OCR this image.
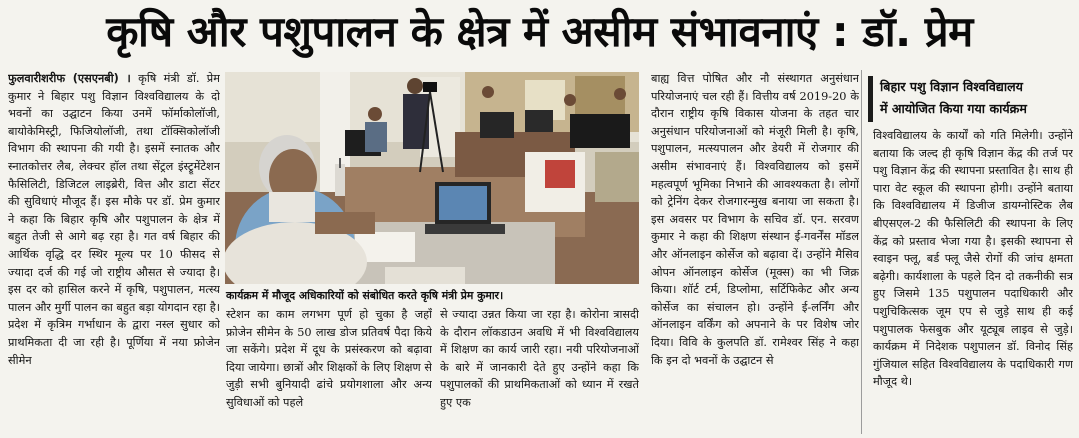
कृषि और पशुपालन के क्षेत्र में असीम संभावनाएं : डॉ. प्रेम
फुलवारीशरीफ (एसएनबी) । कृषि मंत्री डॉ. प्रेम कुमार ने बिहार पशु विज्ञान विश्वविद्यालय के दो भवनों का उद्घाटन किया उनमें फॉर्माकोलॉजी, बायोकेमिस्ट्री, फिजियोलॉजी, तथा टॉक्सिकोलॉजी विभाग की स्थापना की गयी है। इसमें स्नातक और स्नातकोत्तर लैब, लेक्चर हॉल तथा सेंट्रल इंस्ट्रूमेंटेशन फैसिलिटी, डिजिटल लाइब्रेरी, वित्त और डाटा सेंटर की सुविधाएं मौजूद हैं। इस मौके पर डॉ. प्रेम कुमार ने कहा कि बिहार कृषि और पशुपालन के क्षेत्र में बहुत तेजी से आगे बढ़ रहा है। गत वर्ष बिहार की आर्थिक वृद्धि दर स्थिर मूल्य पर 10 फीसद से ज्यादा दर्ज की गई जो राष्ट्रीय औसत से ज्यादा है। इस दर को हासिल करने में कृषि, पशुपालन, मत्स्य पालन और मुर्गी पालन का बहुत बड़ा योगदान रहा है। प्रदेश में कृत्रिम गर्भाधान के द्वारा नस्ल सुधार को प्राथमिकता दी जा रही है। पूर्णिया में नया फ्रोजेन सीमेन
कार्यक्रम में मौजूद अधिकारियों को संबोधित करते कृषि मंत्री प्रेम कुमार।
स्टेशन का काम लगभग पूर्ण हो चुका है जहाँ फ्रोजेन सीमेन के 50 लाख डोज प्रतिवर्ष पैदा किये जा सकेंगे। प्रदेश में दूध के प्रसंस्करण को बढ़ावा दिया जायेगा। छात्रों और शिक्षकों के लिए शिक्षण से जुड़ी सभी बुनियादी ढांचे प्रयोगशाला और अन्य सुविधाओं को पहले
से ज्यादा उन्नत किया जा रहा है। कोरोना त्रासदी के दौरान लॉकडाउन अवधि में भी विश्वविद्यालय में शिक्षण का कार्य जारी रहा। नयी परियोजनाओं के बारे में जानकारी देते हुए उन्होंने कहा कि पशुपालकों की प्राथमिकताओं को ध्यान में रखते हुए एक
बाह्य वित्त पोषित और नौ संस्थागत अनुसंधान परियोजनाएं चल रही हैं। वित्तीय वर्ष 2019-20 के दौरान राष्ट्रीय कृषि विकास योजना के तहत चार अनुसंधान परियोजनाओं को मंजूरी मिली है। कृषि, पशुपालन, मत्स्यपालन और डेयरी में रोजगार की असीम संभावनाएं हैं। विश्वविद्यालय को इसमें महत्वपूर्ण भूमिका निभाने की आवश्यकता है। लोगों को ट्रेनिंग देकर रोजगारन्मुख बनाया जा सकता है। इस अवसर पर विभाग के सचिव डॉ. एन. सरवण कुमार ने कहा की शिक्षण संस्थान ई-गवर्नेंस मॉडल और ऑनलाइन कोर्सेज को बढ़ावा दें। उन्होंने मैसिव ओपन ऑनलाइन कोर्सेज (मूक्स) का भी जिक्र किया। शॉर्ट टर्म, डिप्लोमा, सर्टिफिकेट और अन्य कोर्सेज का संचालन हो। उन्होंने ई-लर्निंग और ऑनलाइन वर्किंग को अपनाने के पर विशेष जोर दिया। विवि के कुलपति डॉ. रामेश्वर सिंह ने कहा कि इन दो भवनों के उद्घाटन से
बिहार पशु विज्ञान विश्वविद्यालय
में आयोजित किया गया कार्यक्रम
विश्वविद्यालय के कार्यों को गति मिलेगी। उन्होंने बताया कि जल्द ही कृषि विज्ञान केंद्र की तर्ज पर पशु विज्ञान केंद्र की स्थापना प्रस्तावित है। साथ ही पारा वेट स्कूल की स्थापना होगी। उन्होंने बताया कि विश्वविद्यालय में डिजीज डायग्नोस्टिक लैब बीएसएल-2 की फैसिलिटी की स्थापना के लिए केंद्र को प्रस्ताव भेजा गया है। इसकी स्थापना से स्वाइन फ्लू, बर्ड फ्लू जैसे रोगों की जांच क्षमता बढ़ेगी। कार्यशाला के पहले दिन दो तकनीकी सत्र हुए जिसमे 135 पशुपालन पदाधिकारी और पशुचिकित्सक जूम एप से जुड़े साथ ही कई पशुपालक फेसबुक और यूट्यूब लाइव से जुड़े। कार्यक्रम में निदेशक पशुपालन डॉ. विनोद सिंह गुंजियाल सहित विश्वविद्यालय के पदाधिकारी गण मौजूद थे।
